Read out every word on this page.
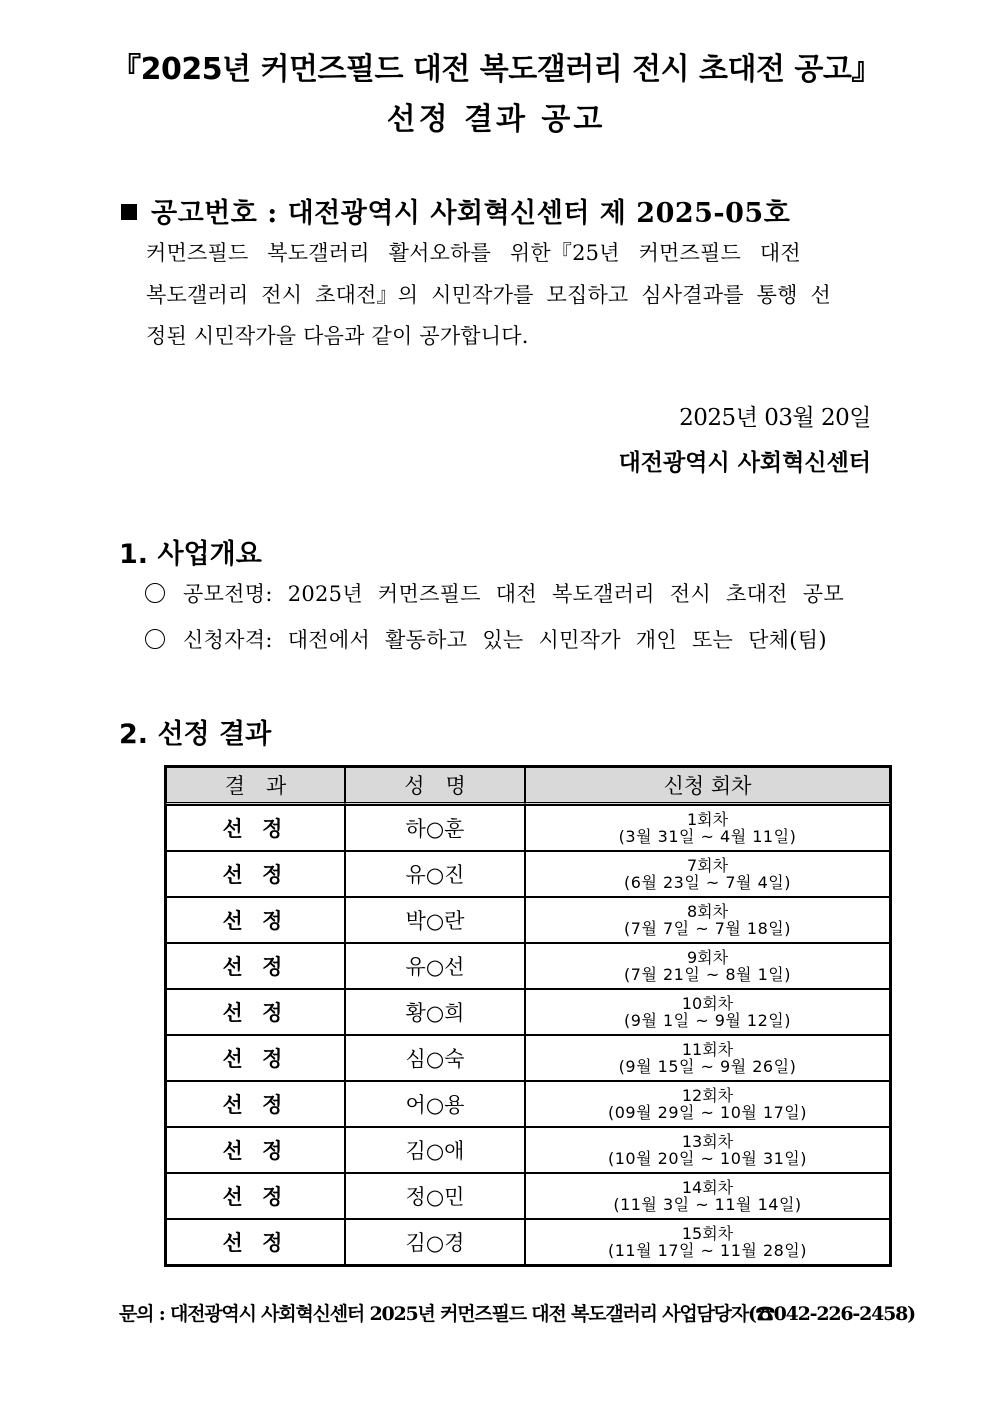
『2025년 커먼즈필드 대전 복도갤러리 전시 초대전 공고』
선정 결과 공고
공고번호 : 대전광역시 사회혁신센터 제 2025-05호
커먼즈필드 복도갤러리 활서오하를 위한『25년 커먼즈필드 대전
복도갤러리 전시 초대전』의 시민작가를 모집하고 심사결과를 통행 선
정된 시민작가을 다음과 같이 공가합니다.
2025년 03월 20일
대전광역시 사회혁신센터
1. 사업개요
공모전명: 2025년 커먼즈필드 대전 복도갤러리 전시 초대전 공모
신청자격: 대전에서 활동하고 있는 시민작가 개인 또는 단체(팀)
2. 선정 결과
결　과	성　명	신청 회차
선 정	하○훈	1회차
(3월 31일 ~ 4월 11일)

선 정	유○진	7회차
(6월 23일 ~ 7월 4일)

선 정	박○란	8회차
(7월 7일 ~ 7월 18일)

선 정	유○선	9회차
(7월 21일 ~ 8월 1일)

선 정	황○희	10회차
(9월 1일 ~ 9월 12일)

선 정	심○숙	11회차
(9월 15일 ~ 9월 26일)

선 정	어○용	12회차
(09월 29일 ~ 10월 17일)

선 정	김○애	13회차
(10월 20일 ~ 10월 31일)

선 정	정○민	14회차
(11월 3일 ~ 11월 14일)

선 정	김○경	15회차
(11월 17일 ~ 11월 28일)
문의 : 대전광역시 사회혁신센터 2025년 커먼즈필드 대전 복도갤러리 사업담당자(☎042-226-2458)
